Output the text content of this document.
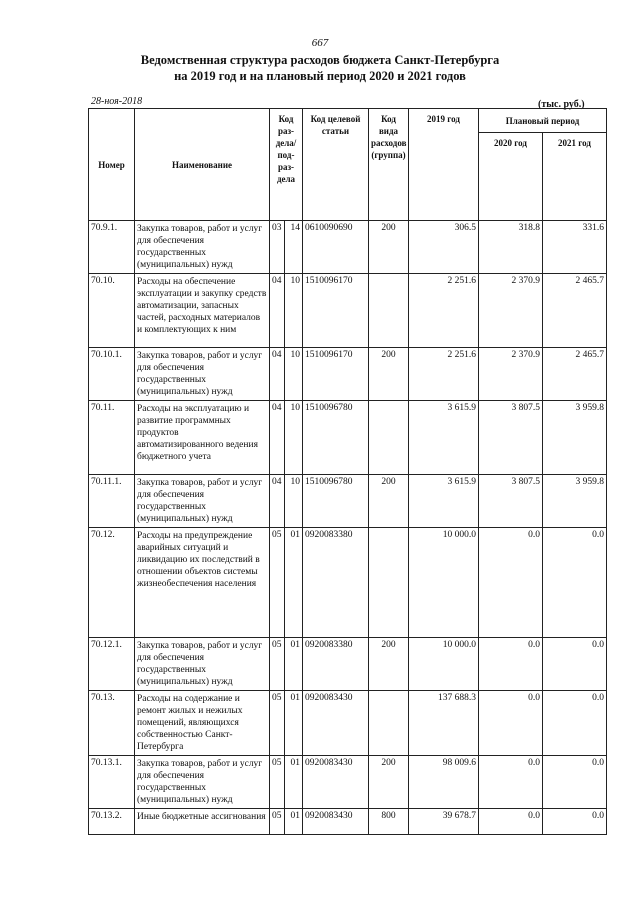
667
Ведомственная структура расходов бюджета Санкт-Петербурга
на 2019 год и на плановый период 2020 и 2021 годов
28-ноя-2018	(тыс. руб.)
Номер	Наименование	Код раз- дела/ под- раз- дела		Код целевой статьи	Код вида расходов (группа)	2019 год	Плановый период	
							2020 год	2021 год
70.9.1.	Закупка товаров, работ и услуг для обеспечения государственных (муниципальных) нужд	03	14	0610090690	200	306.5	318.8	331.6
70.10.	Расходы на обеспечение эксплуатации и закупку средств автоматизации, запасных частей, расходных материалов и комплектующих к ним	04	10	1510096170		2 251.6	2 370.9	2 465.7
70.10.1.	Закупка товаров, работ и услуг для обеспечения государственных (муниципальных) нужд	04	10	1510096170	200	2 251.6	2 370.9	2 465.7
70.11.	Расходы на эксплуатацию и развитие программных продуктов автоматизированного ведения бюджетного учета	04	10	1510096780		3 615.9	3 807.5	3 959.8
70.11.1.	Закупка товаров, работ и услуг для обеспечения государственных (муниципальных) нужд	04	10	1510096780	200	3 615.9	3 807.5	3 959.8
70.12.	Расходы на предупреждение аварийных ситуаций и ликвидацию их последствий в отношении объектов системы жизнеобеспечения населения	05	01	0920083380		10 000.0	0.0	0.0
70.12.1.	Закупка товаров, работ и услуг для обеспечения государственных (муниципальных) нужд	05	01	0920083380	200	10 000.0	0.0	0.0
70.13.	Расходы на содержание и ремонт жилых и нежилых помещений, являющихся собственностью Санкт-Петербурга	05	01	0920083430		137 688.3	0.0	0.0
70.13.1.	Закупка товаров, работ и услуг для обеспечения государственных (муниципальных) нужд	05	01	0920083430	200	98 009.6	0.0	0.0
70.13.2.	Иные бюджетные ассигнования	05	01	0920083430	800	39 678.7	0.0	0.0
